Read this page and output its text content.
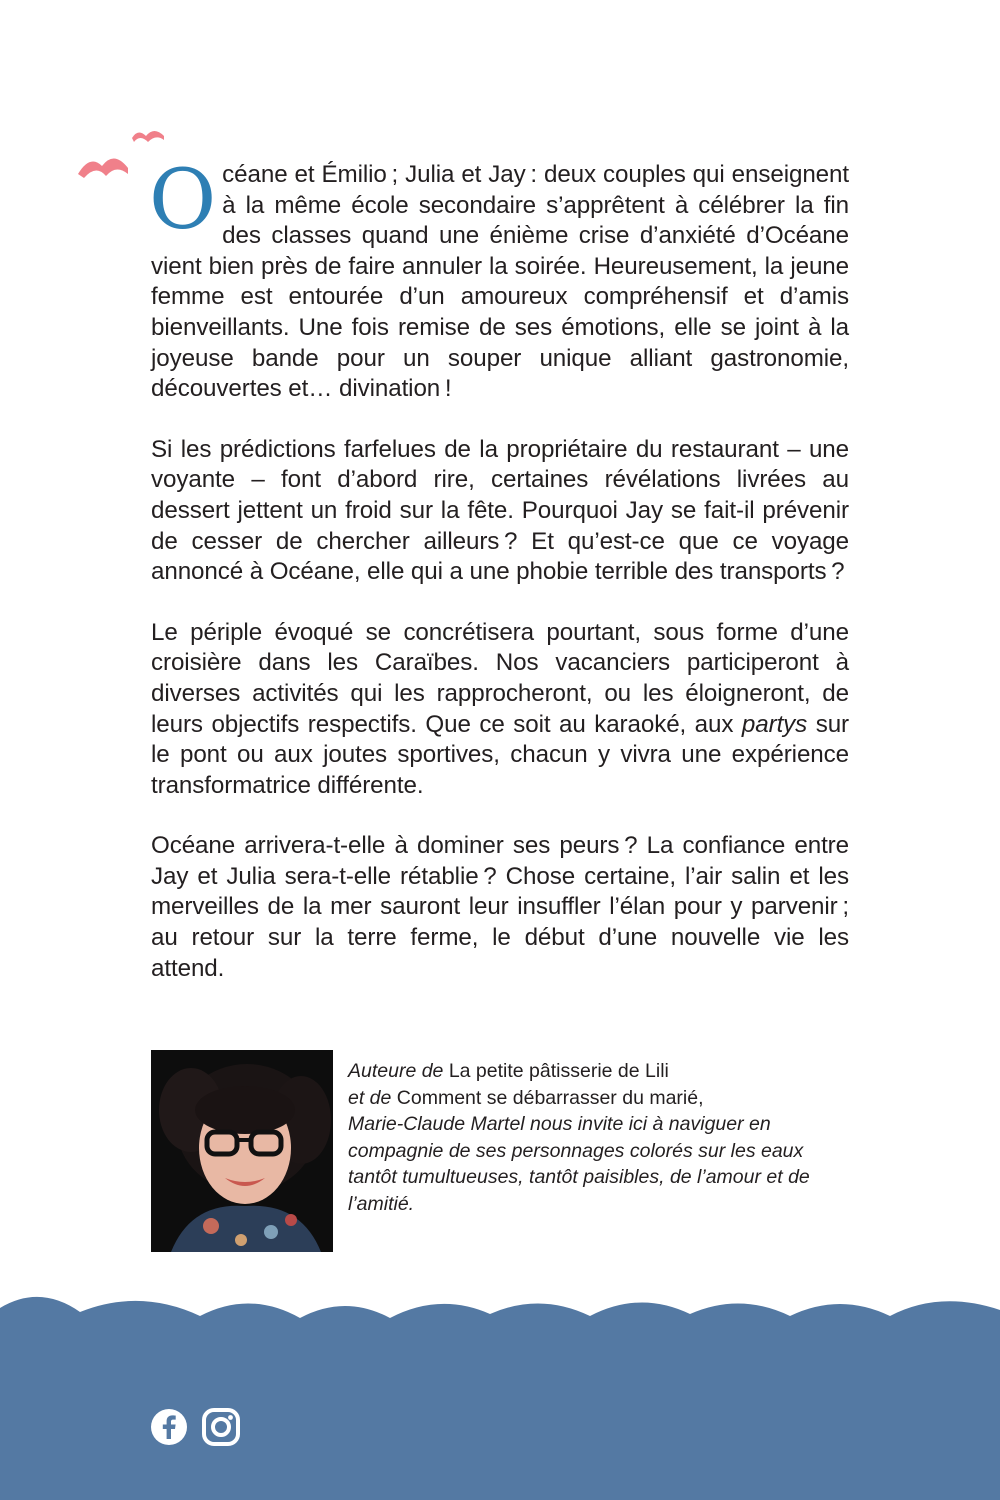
Océane et Émilio ; Julia et Jay : deux couples qui enseignent à la même école secondaire s’apprêtent à célébrer la fin des classes quand une énième crise d’anxiété d’Océane vient bien près de faire annuler la soirée. Heureusement, la jeune femme est entourée d’un amoureux compréhensif et d’amis bienveillants. Une fois remise de ses émotions, elle se joint à la joyeuse bande pour un souper unique alliant gastronomie, découvertes et… divination !

Si les prédictions farfelues de la propriétaire du restaurant – une voyante – font d’abord rire, certaines révélations livrées au dessert jettent un froid sur la fête. Pourquoi Jay se fait-il prévenir de cesser de chercher ailleurs ? Et qu’est-ce que ce voyage annoncé à Océane, elle qui a une phobie terrible des transports ?

Le périple évoqué se concrétisera pourtant, sous forme d’une croisière dans les Caraïbes. Nos vacanciers participeront à diverses activités qui les rapprocheront, ou les éloigneront, de leurs objectifs respectifs. Que ce soit au karaoké, aux partys sur le pont ou aux joutes sportives, chacun y vivra une expérience transformatrice différente.

Océane arrivera-t-elle à dominer ses peurs ? La confiance entre Jay et Julia sera-t-elle rétablie ? Chose certaine, l’air salin et les merveilles de la mer sauront leur insuffler l’élan pour y parvenir ; au retour sur la terre ferme, le début d’une nouvelle vie les attend.

Auteure de La petite pâtisserie de Lili
et de Comment se débarrasser du marié,
Marie-Claude Martel nous invite ici à naviguer en compagnie de ses personnages colorés sur les eaux tantôt tumultueuses, tantôt paisibles, de l’amour et de l’amitié.
